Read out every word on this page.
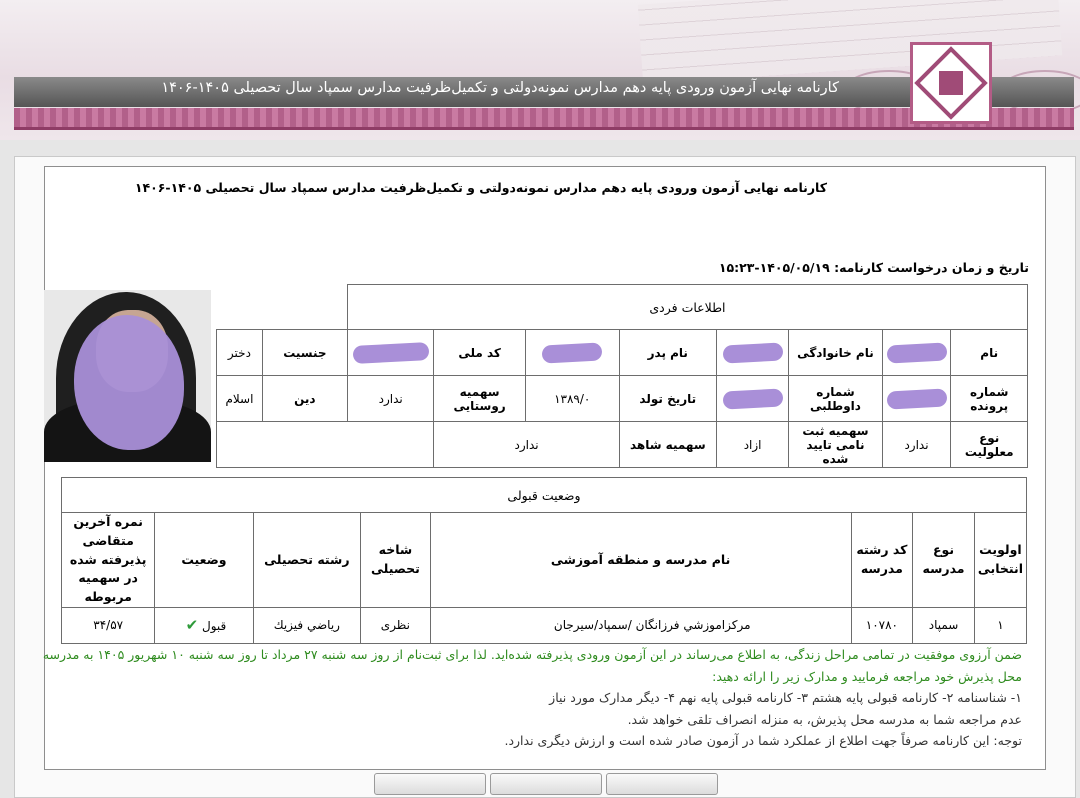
کارنامه نهایی آزمون ورودی پایه دهم مدارس نمونه‌دولتی و تکمیل‌ظرفیت مدارس سمپاد سال تحصیلی ۱۴۰۵-۱۴۰۶
کارنامه نهایی آزمون ورودی پایه دهم مدارس نمونه‌دولتی و تکمیل‌ظرفیت مدارس سمپاد سال تحصیلی ۱۴۰۵-۱۴۰۶
تاریخ و زمان درخواست کارنامه: ۱۴۰۵/۰۵/۱۹-۱۵:۲۳
اطلاعات فردی									
نام		نام خانوادگی		نام پدر		کد ملی		جنسیت	دختر
شماره پرونده		شماره داوطلبی		تاریخ تولد	۱۳۸۹/۰	سهمیه روستایی	ندارد	دین	اسلام
نوع معلولیت	ندارد	سهمیه ثبت نامی تایید شده	ازاد	سهمیه شاهد	ندارد				
وضعیت قبولی							
اولویت انتخابی	نوع مدرسه	کد رشته مدرسه	نام مدرسه و منطقه آموزشی	شاخه تحصیلی	رشته تحصیلی	وضعیت	نمره آخرین متقاضی پذیرفته شده در سهمیه مربوطه
۱	سمپاد	۱۰۷۸۰	مرکزاموزشي فرزانگان /سمپاد/سیرجان	نظری	رياضي فيزيك	قبول ✔	۳۴/۵۷

ضمن آرزوی موفقیت در تمامی مراحل زندگی، به اطلاع می‌رساند در این آزمون ورودی پذیرفته شده‌اید. لذا برای ثبت‌نام از روز سه شنبه ۲۷ مرداد تا روز سه شنبه ۱۰ شهریور ۱۴۰۵ به مدرسه محل پذیرش خود مراجعه فرمایید و مدارک زیر را ارائه دهید:

۱- شناسنامه ۲- کارنامه قبولی پایه هشتم ۳- کارنامه قبولی پایه نهم ۴- دیگر مدارک مورد نیاز

عدم مراجعه شما به مدرسه محل پذیرش، به منزله انصراف تلقی خواهد شد.

توجه: این کارنامه صرفاً جهت اطلاع از عملکرد شما در آزمون صادر شده است و ارزش دیگری ندارد.
